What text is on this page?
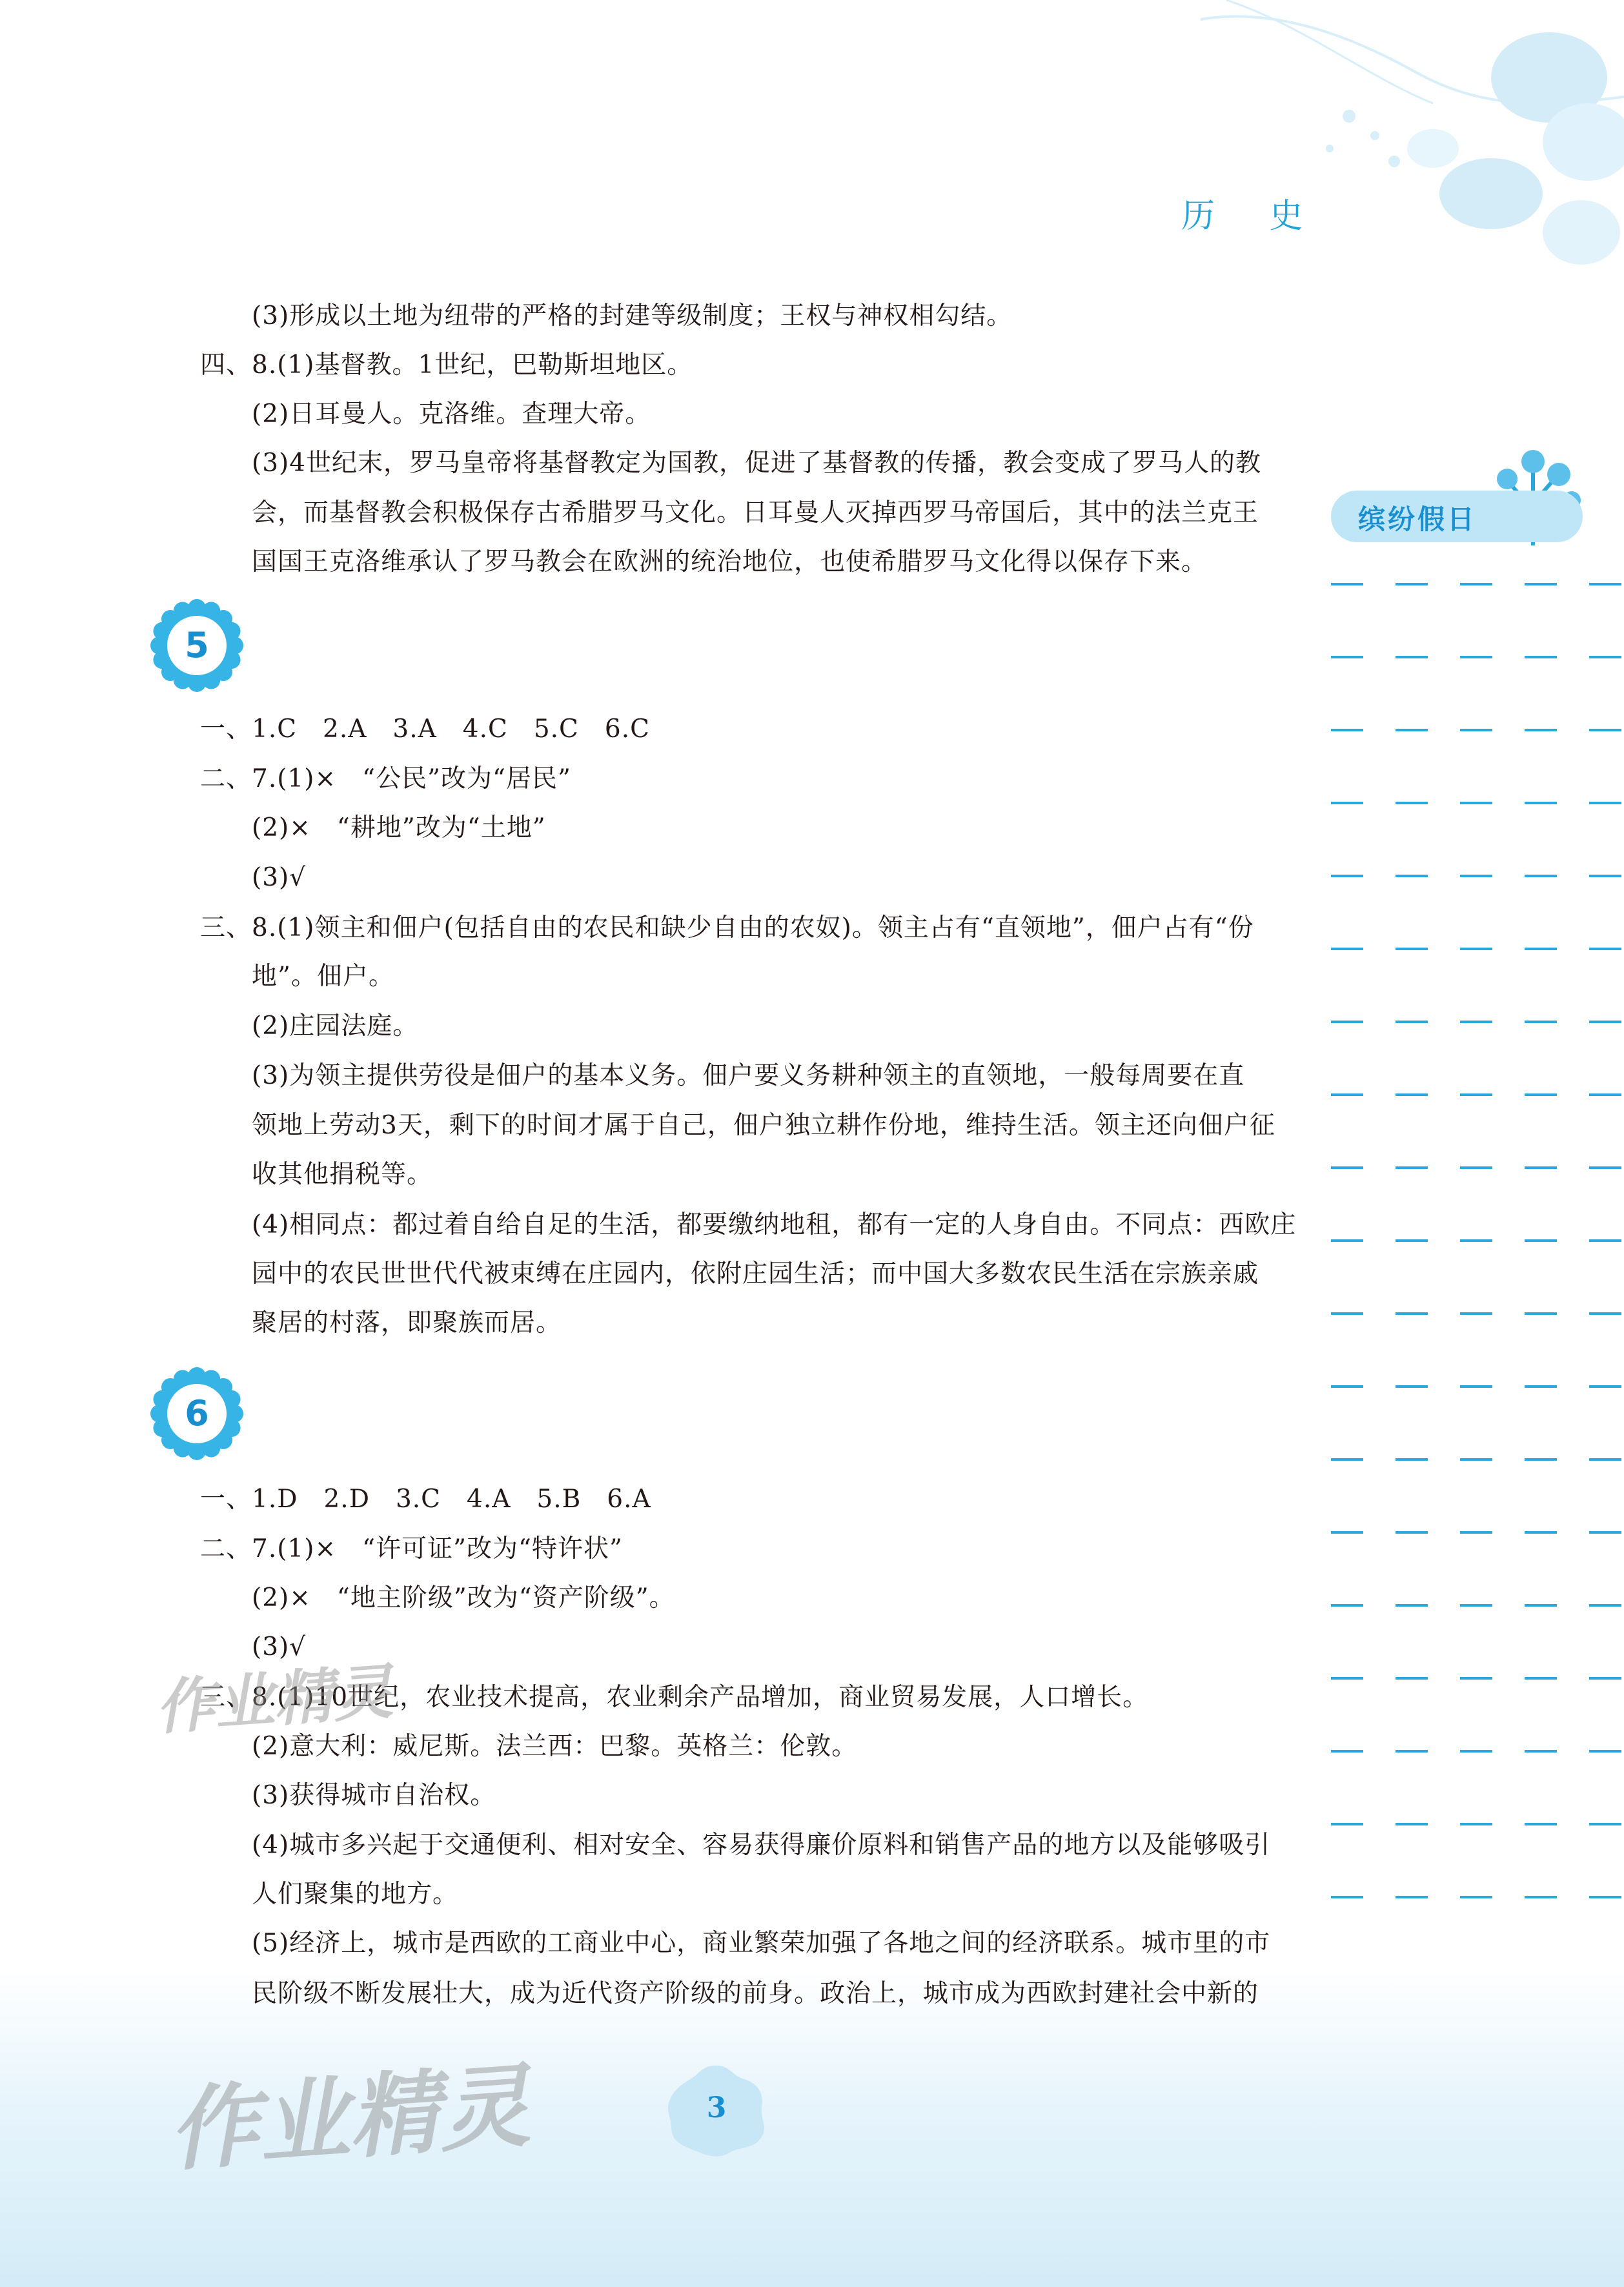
历 史
缤纷假日
(3)形成以土地为纽带的严格的封建等级制度；王权与神权相勾结。
四、8.(1)基督教。1世纪，巴勒斯坦地区。
(2)日耳曼人。克洛维。查理大帝。
(3)4世纪末，罗马皇帝将基督教定为国教，促进了基督教的传播，教会变成了罗马人的教
会，而基督教会积极保存古希腊罗马文化。日耳曼人灭掉西罗马帝国后，其中的法兰克王
国国王克洛维承认了罗马教会在欧洲的统治地位，也使希腊罗马文化得以保存下来。
5
一、1.C　2.A　3.A　4.C　5.C　6.C
二、7.(1)×　“公民”改为“居民”
(2)×　“耕地”改为“土地”
(3)√
三、8.(1)领主和佃户(包括自由的农民和缺少自由的农奴)。领主占有“直领地”，佃户占有“份
地”。佃户。
(2)庄园法庭。
(3)为领主提供劳役是佃户的基本义务。佃户要义务耕种领主的直领地，一般每周要在直
领地上劳动3天，剩下的时间才属于自己，佃户独立耕作份地，维持生活。领主还向佃户征
收其他捐税等。
(4)相同点：都过着自给自足的生活，都要缴纳地租，都有一定的人身自由。不同点：西欧庄
园中的农民世世代代被束缚在庄园内，依附庄园生活；而中国大多数农民生活在宗族亲戚
聚居的村落，即聚族而居。
6
一、1.D　2.D　3.C　4.A　5.B　6.A
二、7.(1)×　“许可证”改为“特许状”
(2)×　“地主阶级”改为“资产阶级”。
(3)√
三、8.(1)10世纪，农业技术提高，农业剩余产品增加，商业贸易发展，人口增长。
(2)意大利：威尼斯。法兰西：巴黎。英格兰：伦敦。
(3)获得城市自治权。
(4)城市多兴起于交通便利、相对安全、容易获得廉价原料和销售产品的地方以及能够吸引
人们聚集的地方。
(5)经济上，城市是西欧的工商业中心，商业繁荣加强了各地之间的经济联系。城市里的市
民阶级不断发展壮大，成为近代资产阶级的前身。政治上，城市成为西欧封建社会中新的
作业精灵
作业精灵	3
